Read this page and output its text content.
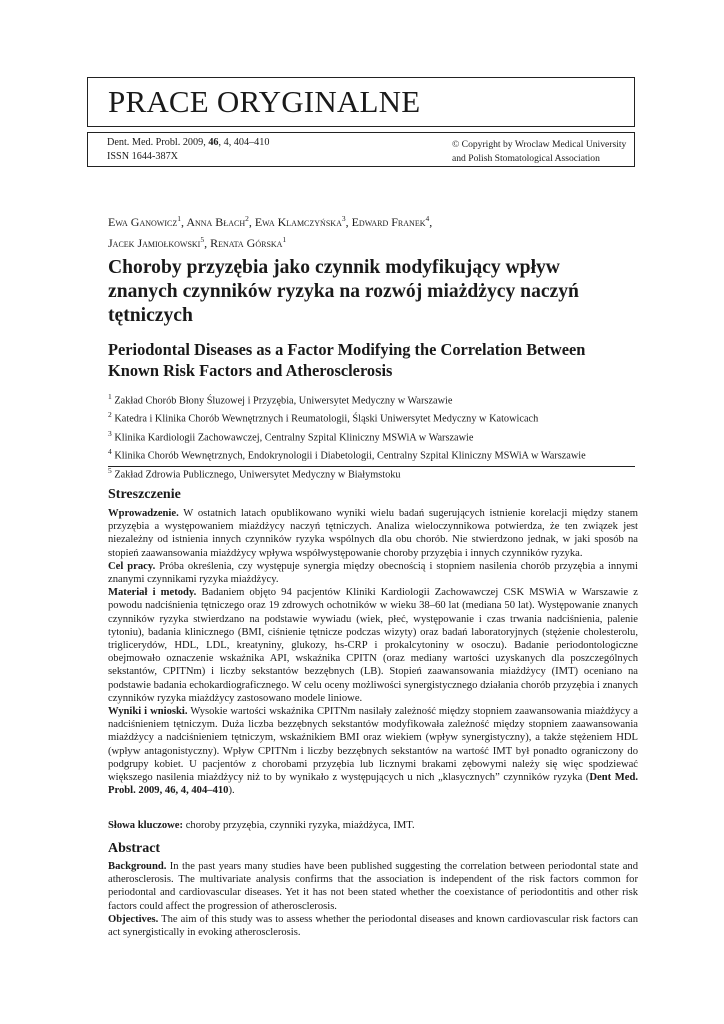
PRACE ORYGINALNE
Dent. Med. Probl. 2009, 46, 4, 404–410
ISSN 1644-387X
© Copyright by Wroclaw Medical University
and Polish Stomatological Association
Ewa Ganowicz$^1$, Anna Błach$^2$, Ewa Klamczyńska$^3$, Edward Franek$^4$,
Jacek Jamiołkowski$^5$, Renata Górska$^1$
Choroby przyzębia jako czynnik modyfikujący wpływ znanych czynników ryzyka na rozwój miażdżycy naczyń tętniczych
Periodontal Diseases as a Factor Modifying the Correlation Between Known Risk Factors and Atherosclerosis
$^1$ Zakład Chorób Błony Śluzowej i Przyzębia, Uniwersytet Medyczny w Warszawie
$^2$ Katedra i Klinika Chorób Wewnętrznych i Reumatologii, Śląski Uniwersytet Medyczny w Katowicach
$^3$ Klinika Kardiologii Zachowawczej, Centralny Szpital Kliniczny MSWiA w Warszawie
$^4$ Klinika Chorób Wewnętrznych, Endokrynologii i Diabetologii, Centralny Szpital Kliniczny MSWiA w Warszawie
$^5$ Zakład Zdrowia Publicznego, Uniwersytet Medyczny w Białymstoku
Streszczenie

Wprowadzenie. W ostatnich latach opublikowano wyniki wielu badań sugerujących istnienie korelacji między stanem przyzębia a występowaniem miażdżycy naczyń tętniczych. Analiza wieloczynnikowa potwierdza, że ten związek jest niezależny od istnienia innych czynników ryzyka wspólnych dla obu chorób. Nie stwierdzono jednak, w jaki sposób na stopień zaawansowania miażdżycy wpływa współwystępowanie choroby przyzębia i innych czynników ryzyka.

Cel pracy. Próba określenia, czy występuje synergia między obecnością i stopniem nasilenia chorób przyzębia a innymi znanymi czynnikami ryzyka miażdżycy.

Materiał i metody. Badaniem objęto 94 pacjentów Kliniki Kardiologii Zachowawczej CSK MSWiA w Warszawie z powodu nadciśnienia tętniczego oraz 19 zdrowych ochotników w wieku 38–60 lat (mediana 50 lat). Występowanie znanych czynników ryzyka stwierdzano na podstawie wywiadu (wiek, płeć, występowanie i czas trwania nadciśnienia, palenie tytoniu), badania klinicznego (BMI, ciśnienie tętnicze podczas wizyty) oraz badań laboratoryjnych (stężenie cholesterolu, triglicerydów, HDL, LDL, kreatyniny, glukozy, hs-CRP i prokalcytoniny w osoczu). Badanie periodontologiczne obejmowało oznaczenie wskaźnika API, wskaźnika CPITN (oraz mediany wartości uzyskanych dla poszczególnych sekstantów, CPITNm) i liczby sekstantów bezzębnych (LB). Stopień zaawansowania miażdżycy (IMT) oceniano na podstawie badania echokardiograficznego. W celu oceny możliwości synergistycznego działania chorób przyzębia i znanych czynników ryzyka miażdżycy zastosowano modele liniowe.

Wyniki i wnioski. Wysokie wartości wskaźnika CPITNm nasilały zależność między stopniem zaawansowania miażdżycy a nadciśnieniem tętniczym. Duża liczba bezzębnych sekstantów modyfikowała zależność między stopniem zaawansowania miażdżycy a nadciśnieniem tętniczym, wskaźnikiem BMI oraz wiekiem (wpływ synergistyczny), a także stężeniem HDL (wpływ antagonistyczny). Wpływ CPITNm i liczby bezzębnych sekstantów na wartość IMT był ponadto ograniczony do podgrupy kobiet. U pacjentów z chorobami przyzębia lub licznymi brakami zębowymi należy się więc spodziewać większego nasilenia miażdżycy niż to by wynikało z występujących u nich „klasycznych” czynników ryzyka (Dent Med. Probl. 2009, 46, 4, 404–410).

Słowa kluczowe: choroby przyzębia, czynniki ryzyka, miażdżyca, IMT.
Abstract

Background. In the past years many studies have been published suggesting the correlation between periodontal state and atherosclerosis. The multivariate analysis confirms that the association is independent of the risk factors common for periodontal and cardiovascular diseases. Yet it has not been stated whether the coexistance of periodontitis and other risk factors could affect the progression of atherosclerosis.

Objectives. The aim of this study was to assess whether the periodontal diseases and known cardiovascular risk factors can act synergistically in evoking atherosclerosis.
